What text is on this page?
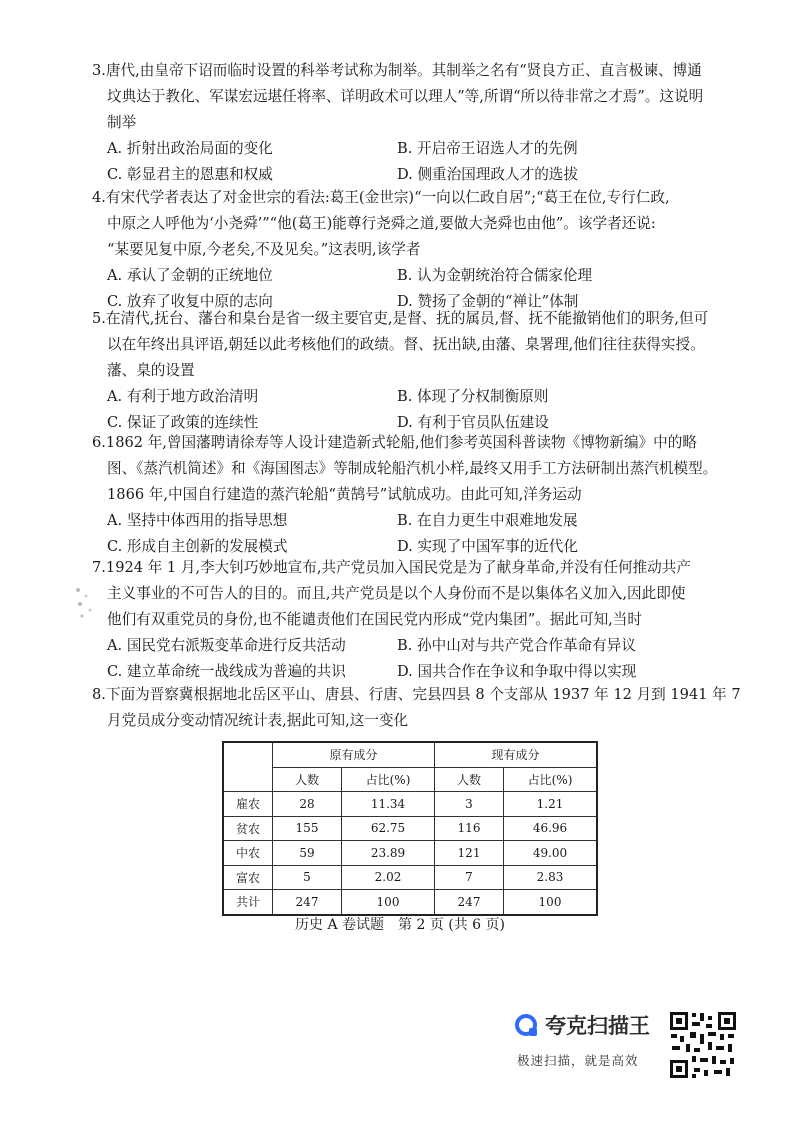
3.唐代,由皇帝下诏而临时设置的科举考试称为制举。其制举之名有“贤良方正、直言极谏、博通
坟典达于教化、军谋宏远堪任将率、详明政术可以理人”等,所谓“所以待非常之才焉”。这说明
制举
A. 折射出政治局面的变化	B. 开启帝王诏选人才的先例
C. 彰显君主的恩惠和权威	D. 侧重治国理政人才的选拔
4.有宋代学者表达了对金世宗的看法:葛王(金世宗)“一向以仁政自居”;“葛王在位,专行仁政,
中原之人呼他为‘小尧舜’”“他(葛王)能尊行尧舜之道,要做大尧舜也由他”。该学者还说:
“某要见复中原,今老矣,不及见矣。”这表明,该学者
A. 承认了金朝的正统地位	B. 认为金朝统治符合儒家伦理
C. 放弃了收复中原的志向	D. 赞扬了金朝的“禅让”体制
5.在清代,抚台、藩台和臬台是省一级主要官吏,是督、抚的属员,督、抚不能撤销他们的职务,但可
以在年终出具评语,朝廷以此考核他们的政绩。督、抚出缺,由藩、臬署理,他们往往获得实授。
藩、臬的设置
A. 有利于地方政治清明	B. 体现了分权制衡原则
C. 保证了政策的连续性	D. 有利于官员队伍建设
6.1862 年,曾国藩聘请徐寿等人设计建造新式轮船,他们参考英国科普读物《博物新编》中的略
图、《蒸汽机简述》和《海国图志》等制成轮船汽机小样,最终又用手工方法研制出蒸汽机模型。
1866 年,中国自行建造的蒸汽轮船“黄鹄号”试航成功。由此可知,洋务运动
A. 坚持中体西用的指导思想	B. 在自力更生中艰难地发展
C. 形成自主创新的发展模式	D. 实现了中国军事的近代化
7.1924 年 1 月,李大钊巧妙地宣布,共产党员加入国民党是为了献身革命,并没有任何推动共产
主义事业的不可告人的目的。而且,共产党员是以个人身份而不是以集体名义加入,因此即使
他们有双重党员的身份,也不能谴责他们在国民党内形成“党内集团”。据此可知,当时
A. 国民党右派叛变革命进行反共活动	B. 孙中山对与共产党合作革命有异议
C. 建立革命统一战线成为普遍的共识	D. 国共合作在争议和争取中得以实现
8.下面为晋察冀根据地北岳区平山、唐县、行唐、完县四县 8 个支部从 1937 年 12 月到 1941 年 7
月党员成分变动情况统计表,据此可知,这一变化
	原有成分		现有成分	
	人数	占比(%)	人数	占比(%)
雇农	28	11.34	3	1.21
贫农	155	62.75	116	46.96
中农	59	23.89	121	49.00
富农	5	2.02	7	2.83
共计	247	100	247	100
历史 A 卷试题　第 2 页 (共 6 页)
夸克扫描王
极速扫描，就是高效
